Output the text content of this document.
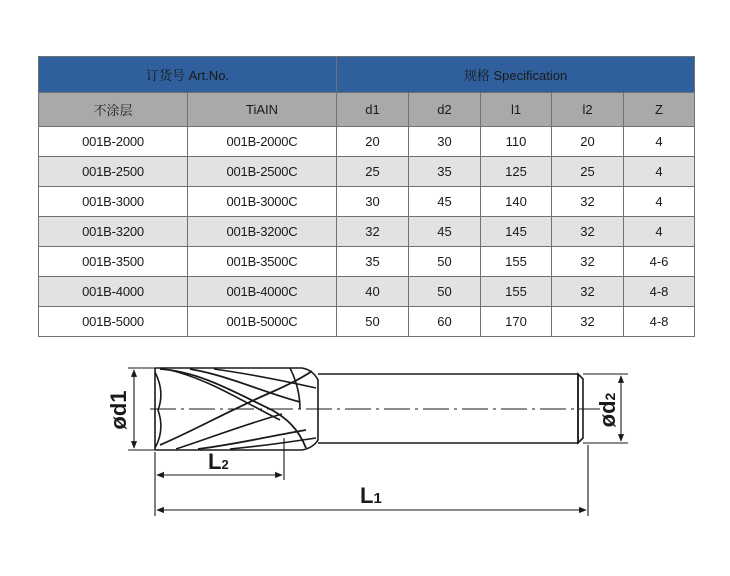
订货号 Art.No.		规格 Specification				
不涂层	TiAIN	d1	d2	l1	l2	Z
001B-2000	001B-2000C	20	30	110	20	4
001B-2500	001B-2500C	25	35	125	25	4
001B-3000	001B-3000C	30	45	140	32	4
001B-3200	001B-3200C	32	45	145	32	4
001B-3500	001B-3500C	35	50	155	32	4-6
001B-4000	001B-4000C	40	50	155	32	4-8
001B-5000	001B-5000C	50	60	170	32	4-8
ød1
ød2
L2
L1
